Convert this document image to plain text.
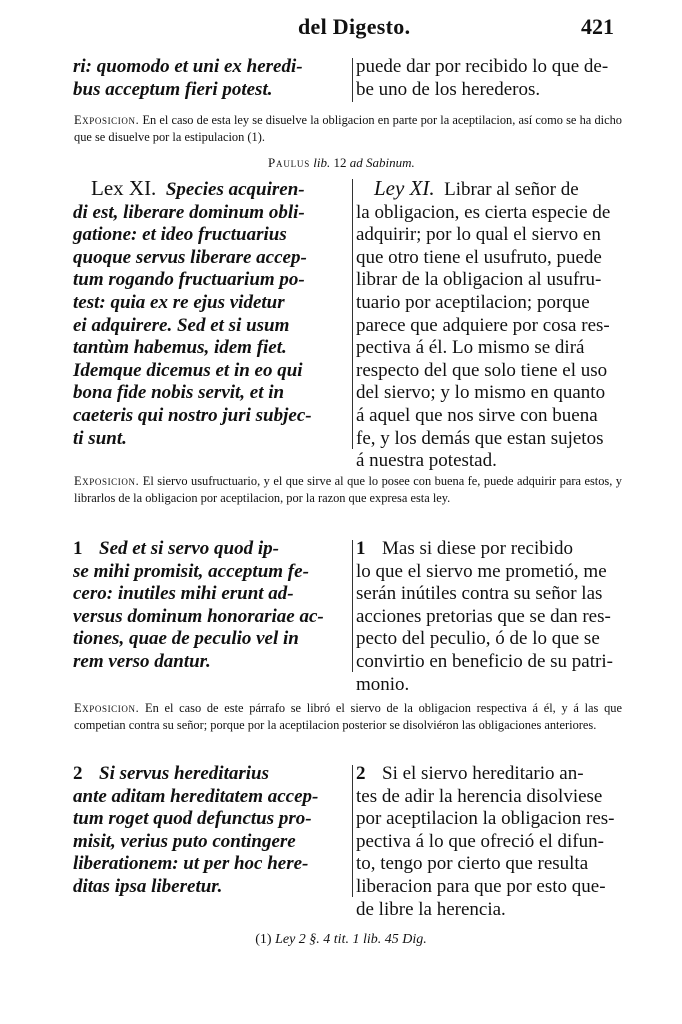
del Digesto.	421
ri: quomodo et uni ex heredi-
bus acceptum fieri potest.
puede dar por recibido lo que de-
be uno de los herederos.
Exposicion. En el caso de esta ley se disuelve la obligacion en parte por la aceptilacion, así como se ha dicho que se disuelve por la estipulacion (1).
Paulus lib. 12 ad Sabinum.
Lex XI. Species acquiren-
di est, liberare dominum obli-
gatione: et ideo fructuarius
quoque servus liberare accep-
tum rogando fructuarium po-
test: quia ex re ejus videtur
ei adquirere. Sed et si usum
tantùm habemus, idem fiet.
Idemque dicemus et in eo qui
bona fide nobis servit, et in
caeteris qui nostro juri subjec-
ti sunt.
Ley XI. Librar al señor de
la obligacion, es cierta especie de
adquirir; por lo qual el siervo en
que otro tiene el usufruto, puede
librar de la obligacion al usufru-
tuario por aceptilacion; porque
parece que adquiere por cosa res-
pectiva á él. Lo mismo se dirá
respecto del que solo tiene el uso
del siervo; y lo mismo en quanto
á aquel que nos sirve con buena
fe, y los demás que estan sujetos
á nuestra potestad.
Exposicion. El siervo usufructuario, y el que sirve al que lo posee con buena fe, puede adquirir para estos, y librarlos de la obligacion por aceptilacion, por la razon que expresa esta ley.
1 Sed et si servo quod ip-
se mihi promisit, acceptum fe-
cero: inutiles mihi erunt ad-
versus dominum honorariae ac-
tiones, quae de peculio vel in
rem verso dantur.
1 Mas si diese por recibido
lo que el siervo me prometió, me
serán inútiles contra su señor las
acciones pretorias que se dan res-
pecto del peculio, ó de lo que se
convirtio en beneficio de su patri-
monio.
Exposicion. En el caso de este párrafo se libró el siervo de la obligacion respectiva á él, y á las que competian contra su señor; porque por la aceptilacion posterior se disolviéron las obligaciones anteriores.
2 Si servus hereditarius
ante aditam hereditatem accep-
tum roget quod defunctus pro-
misit, verius puto contingere
liberationem: ut per hoc here-
ditas ipsa liberetur.
2 Si el siervo hereditario an-
tes de adir la herencia disolviese
por aceptilacion la obligacion res-
pectiva á lo que ofreció el difun-
to, tengo por cierto que resulta
liberacion para que por esto que-
de libre la herencia.
(1) Ley 2 §. 4 tit. 1 lib. 45 Dig.
